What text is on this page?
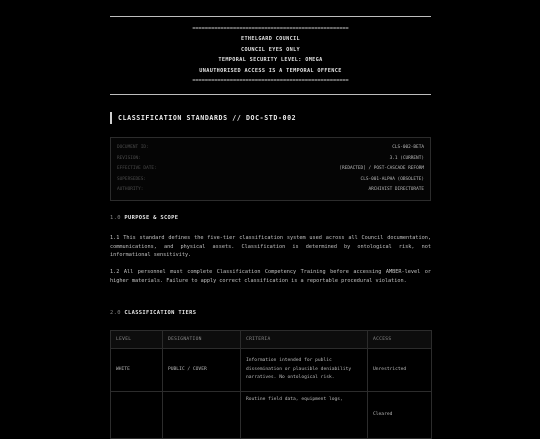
==================================================
ETHELGARD COUNCIL
COUNCIL EYES ONLY
TEMPORAL SECURITY LEVEL: OMEGA
UNAUTHORISED ACCESS IS A TEMPORAL OFFENCE
==================================================
CLASSIFICATION STANDARDS // DOC-STD-002
DOCUMENT ID:	CLS-002-BETA
REVISION:	3.1 (CURRENT)
EFFECTIVE DATE:	[REDACTED] / POST-CASCADE REFORM
SUPERSEDES:	CLS-001-ALPHA (OBSOLETE)
AUTHORITY:	ARCHIVIST DIRECTORATE
1.0 PURPOSE & SCOPE
1.1 This standard defines the five-tier classification system used across all Council documentation, communications, and physical assets. Classification is determined by ontological risk, not informational sensitivity.
1.2 All personnel must complete Classification Competency Training before accessing AMBER-level or higher materials. Failure to apply correct classification is a reportable procedural violation.
2.0 CLASSIFICATION TIERS
LEVEL	DESIGNATION	CRITERIA	ACCESS
WHITE	PUBLIC / COVER	Information intended for public dissemination or plausible deniability narratives. No ontological risk.	Unrestricted
		Routine field data, equipment logs,	Cleared
